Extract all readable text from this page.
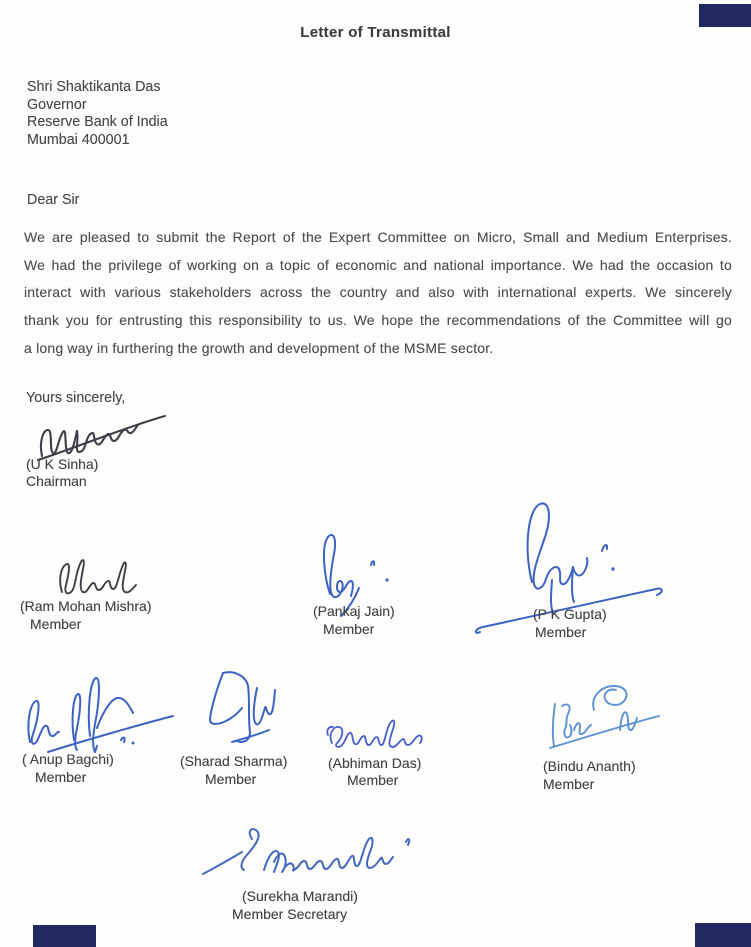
Letter of Transmittal
Shri Shaktikanta Das
Governor
Reserve Bank of India
Mumbai 400001
Dear Sir
We are pleased to submit the Report of the Expert Committee on Micro, Small and Medium Enterprises.
We had the privilege of working on a topic of economic and national importance. We had the occasion to
interact with various stakeholders across the country and also with international experts. We sincerely
thank you for entrusting this responsibility to us. We hope the recommendations of the Committee will go
a long way in furthering the growth and development of the MSME sector.
Yours sincerely,
(U K Sinha)
Chairman
(Ram Mohan Mishra)
Member
(Pankaj Jain)
Member
(P K Gupta)
Member
( Anup Bagchi)
Member
(Sharad Sharma)
Member
(Abhiman Das)
Member
(Bindu Ananth)
Member
(Surekha Marandi)
Member Secretary
